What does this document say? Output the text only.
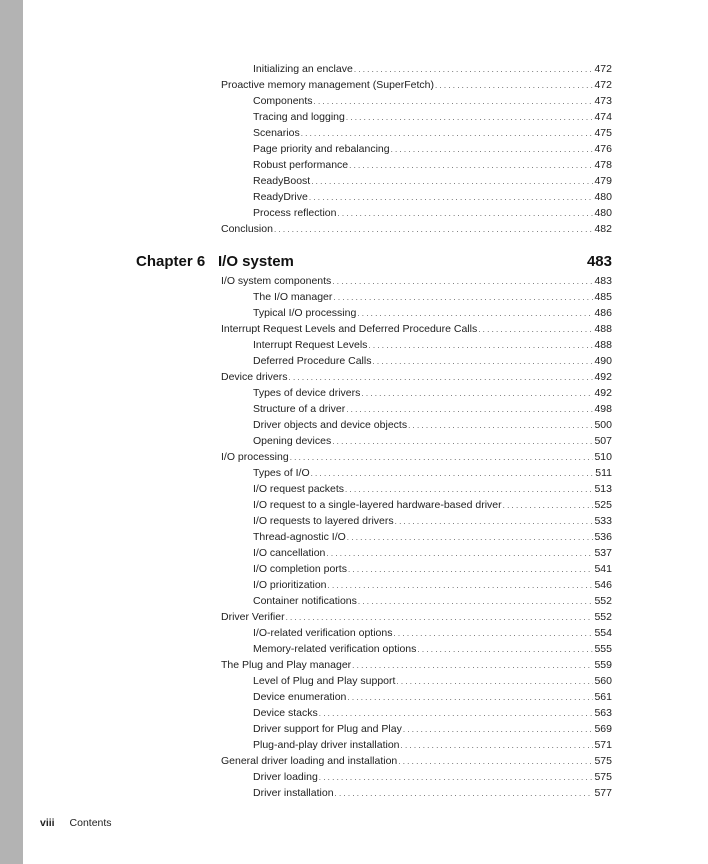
Initializing an enclave . . .	472
Proactive memory management (SuperFetch) . . .	472
Components . . .	473
Tracing and logging . . .	474
Scenarios . . .	475
Page priority and rebalancing . . .	476
Robust performance . . .	478
ReadyBoost . . .	479
ReadyDrive . . .	480
Process reflection . . .	480
Conclusion . . .	482
I/O system components . . .	483
The I/O manager . . .	485
Typical I/O processing . . .	486
Interrupt Request Levels and Deferred Procedure Calls . . .	488
Interrupt Request Levels . . .	488
Deferred Procedure Calls . . .	490
Device drivers . . .	492
Types of device drivers . . .	492
Structure of a driver . . .	498
Driver objects and device objects . . .	500
Opening devices . . .	507
I/O processing . . .	510
Types of I/O . . .	511
I/O request packets . . .	513
I/O request to a single-layered hardware-based driver . . .	525
I/O requests to layered drivers . . .	533
Thread-agnostic I/O . . .	536
I/O cancellation . . .	537
I/O completion ports . . .	541
I/O prioritization . . .	546
Container notifications . . .	552
Driver Verifier . . .	552
I/O-related verification options . . .	554
Memory-related verification options . . .	555
The Plug and Play manager . . .	559
Level of Plug and Play support . . .	560
Device enumeration . . .	561
Device stacks . . .	563
Driver support for Plug and Play . . .	569
Plug-and-play driver installation . . .	571
General driver loading and installation . . .	575
Driver loading . . .	575
Driver installation . . .	577
Chapter 6 I/O system	483
viii Contents
